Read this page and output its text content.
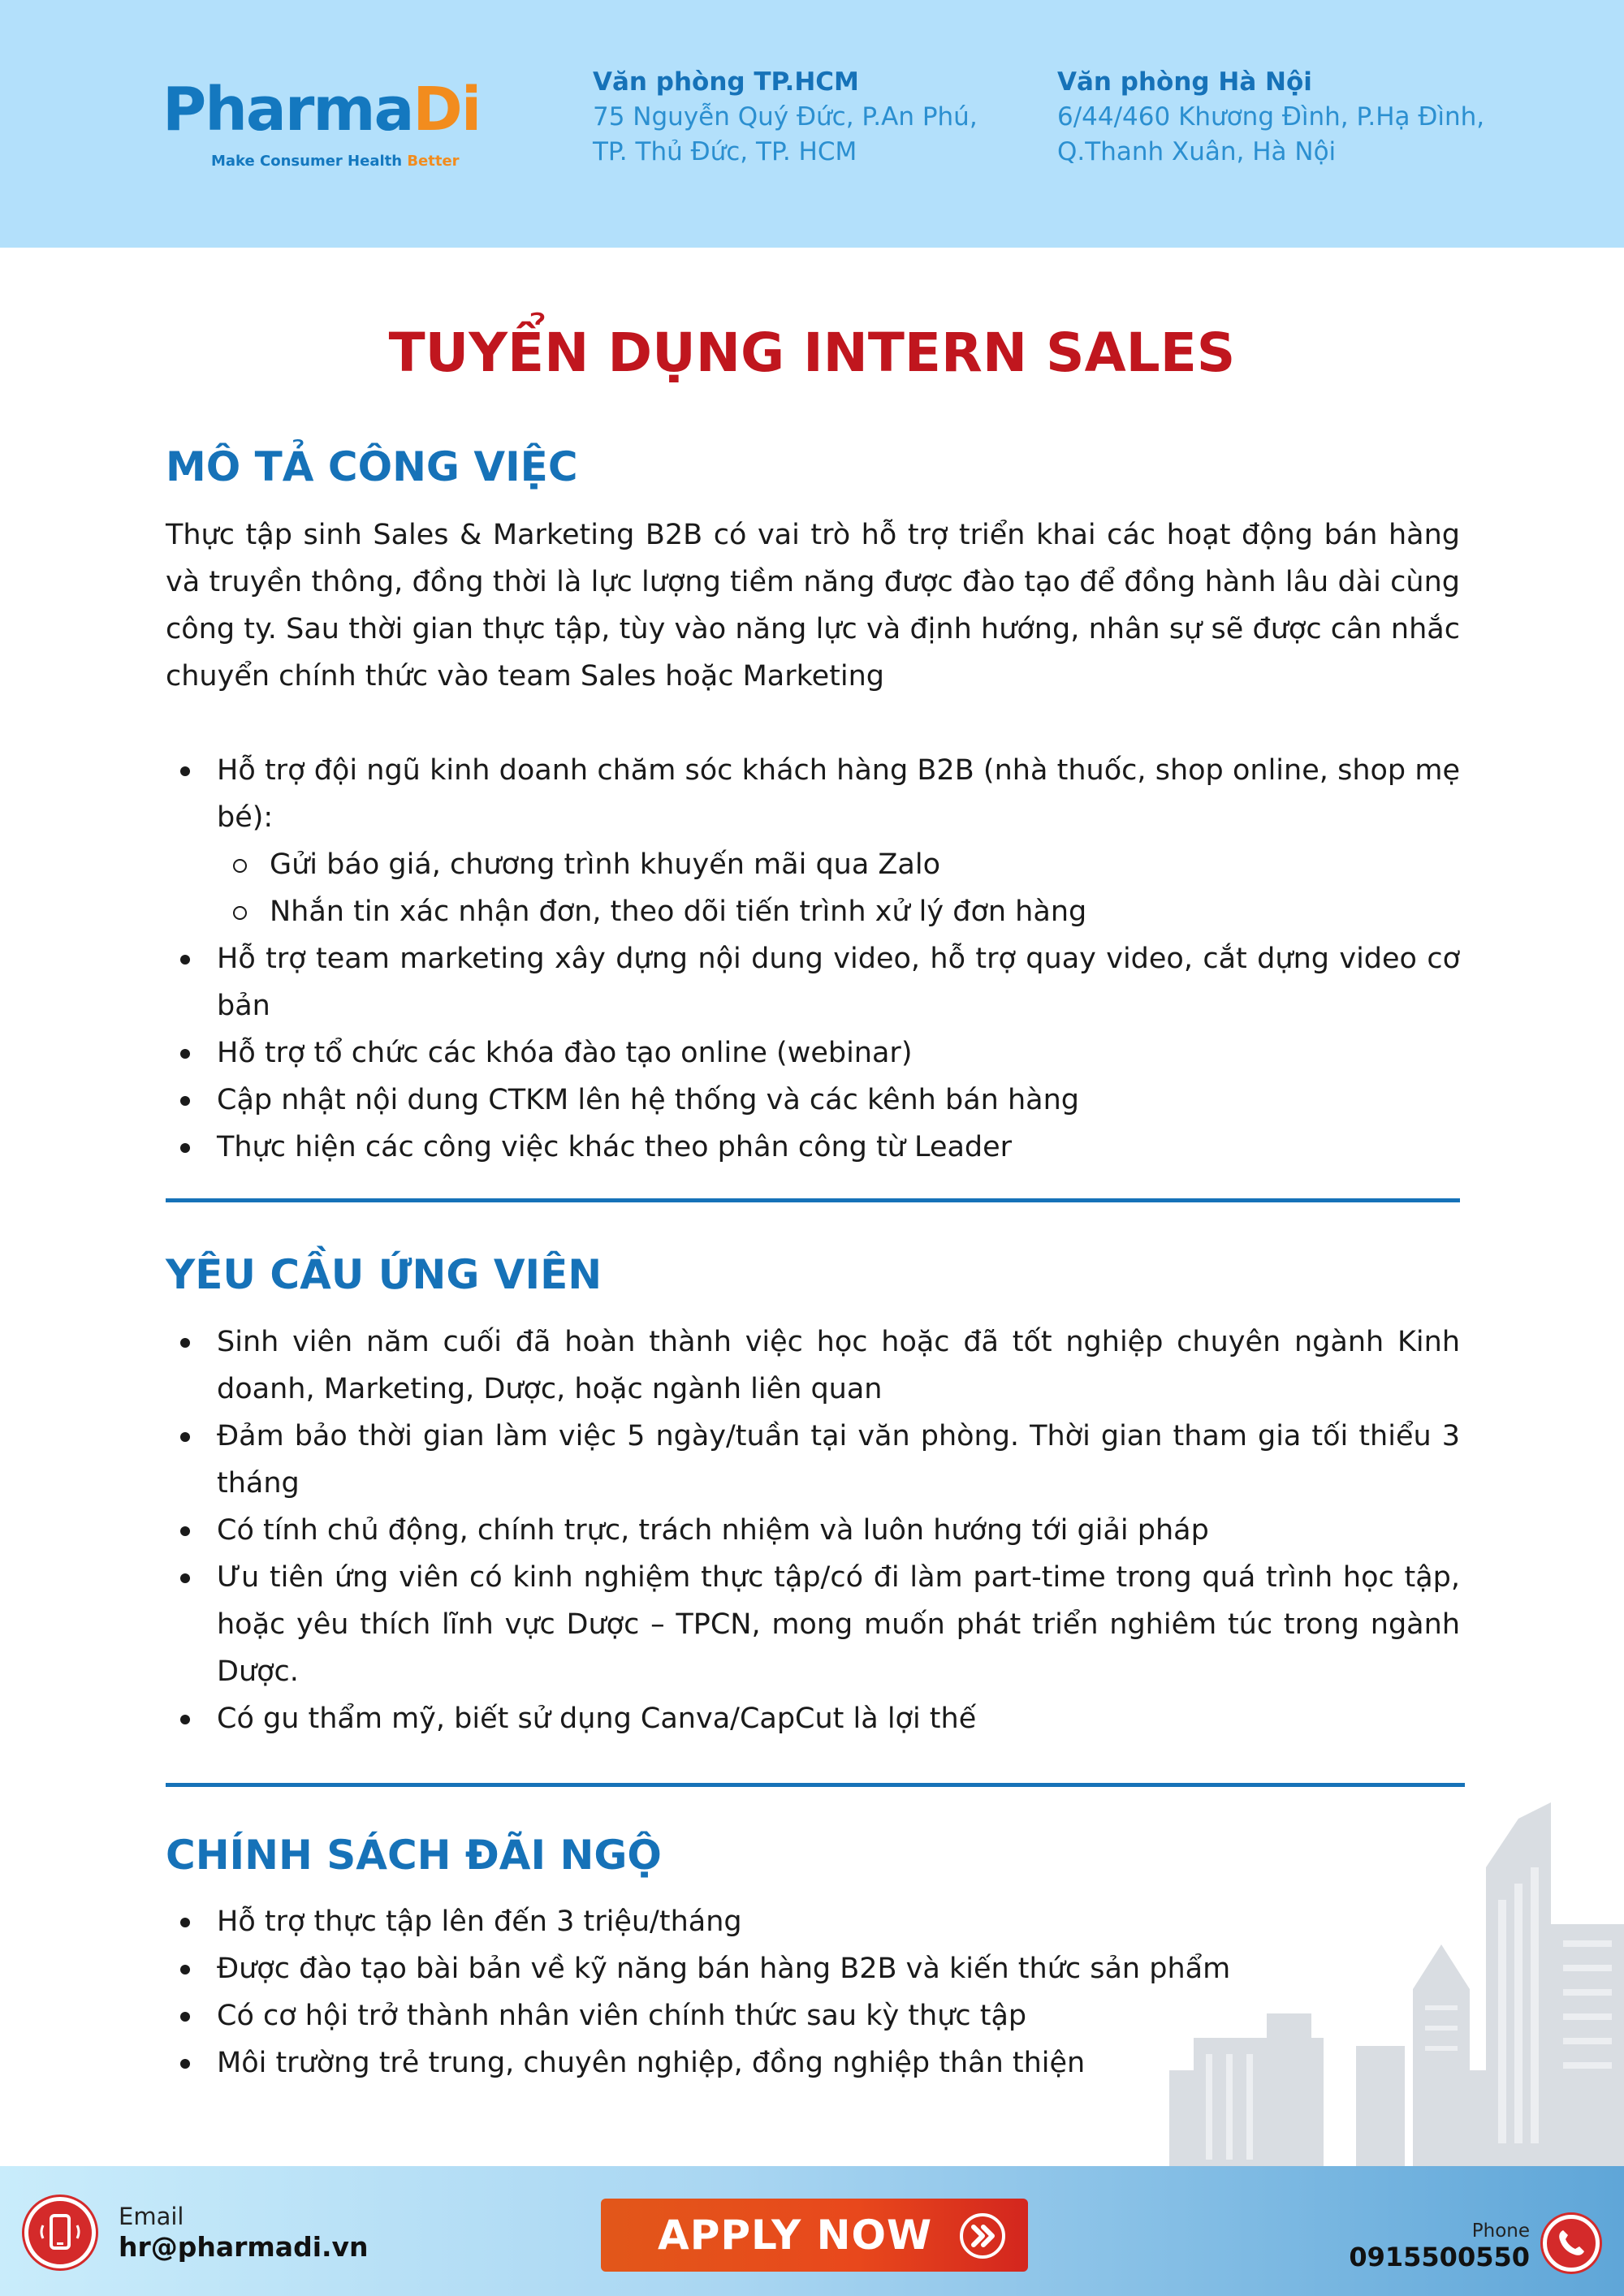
PharmaDi
Make Consumer Health Better
Văn phòng TP.HCM
75 Nguyễn Quý Đức, P.An Phú,
TP. Thủ Đức, TP. HCM
Văn phòng Hà Nội
6/44/460 Khương Đình, P.Hạ Đình,
Q.Thanh Xuân, Hà Nội
TUYỂN DỤNG INTERN SALES
MÔ TẢ CÔNG VIỆC

Thực tập sinh Sales & Marketing B2B có vai trò hỗ trợ triển khai các hoạt động bán hàng và truyền thông, đồng thời là lực lượng tiềm năng được đào tạo để đồng hành lâu dài cùng công ty. Sau thời gian thực tập, tùy vào năng lực và định hướng, nhân sự sẽ được cân nhắc chuyển chính thức vào team Sales hoặc Marketing

Hỗ trợ đội ngũ kinh doanh chăm sóc khách hàng B2B (nhà thuốc, shop online, shop mẹ bé):
Gửi báo giá, chương trình khuyến mãi qua Zalo
Nhắn tin xác nhận đơn, theo dõi tiến trình xử lý đơn hàng
Hỗ trợ team marketing xây dựng nội dung video, hỗ trợ quay video, cắt dựng video cơ bản
Hỗ trợ tổ chức các khóa đào tạo online (webinar)
Cập nhật nội dung CTKM lên hệ thống và các kênh bán hàng
Thực hiện các công việc khác theo phân công từ Leader
YÊU CẦU ỨNG VIÊN
Sinh viên năm cuối đã hoàn thành việc học hoặc đã tốt nghiệp chuyên ngành Kinh doanh, Marketing, Dược, hoặc ngành liên quan
Đảm bảo thời gian làm việc 5 ngày/tuần tại văn phòng. Thời gian tham gia tối thiểu 3 tháng
Có tính chủ động, chính trực, trách nhiệm và luôn hướng tới giải pháp
Ưu tiên ứng viên có kinh nghiệm thực tập/có đi làm part-time trong quá trình học tập, hoặc yêu thích lĩnh vực Dược – TPCN, mong muốn phát triển nghiêm túc trong ngành Dược.
Có gu thẩm mỹ, biết sử dụng Canva/CapCut là lợi thế
CHÍNH SÁCH ĐÃI NGỘ
Hỗ trợ thực tập lên đến 3 triệu/tháng
Được đào tạo bài bản về kỹ năng bán hàng B2B và kiến thức sản phẩm
Có cơ hội trở thành nhân viên chính thức sau kỳ thực tập
Môi trường trẻ trung, chuyên nghiệp, đồng nghiệp thân thiện
Email
hr@pharmadi.vn	APPLY NOW	Phone
0915500550
